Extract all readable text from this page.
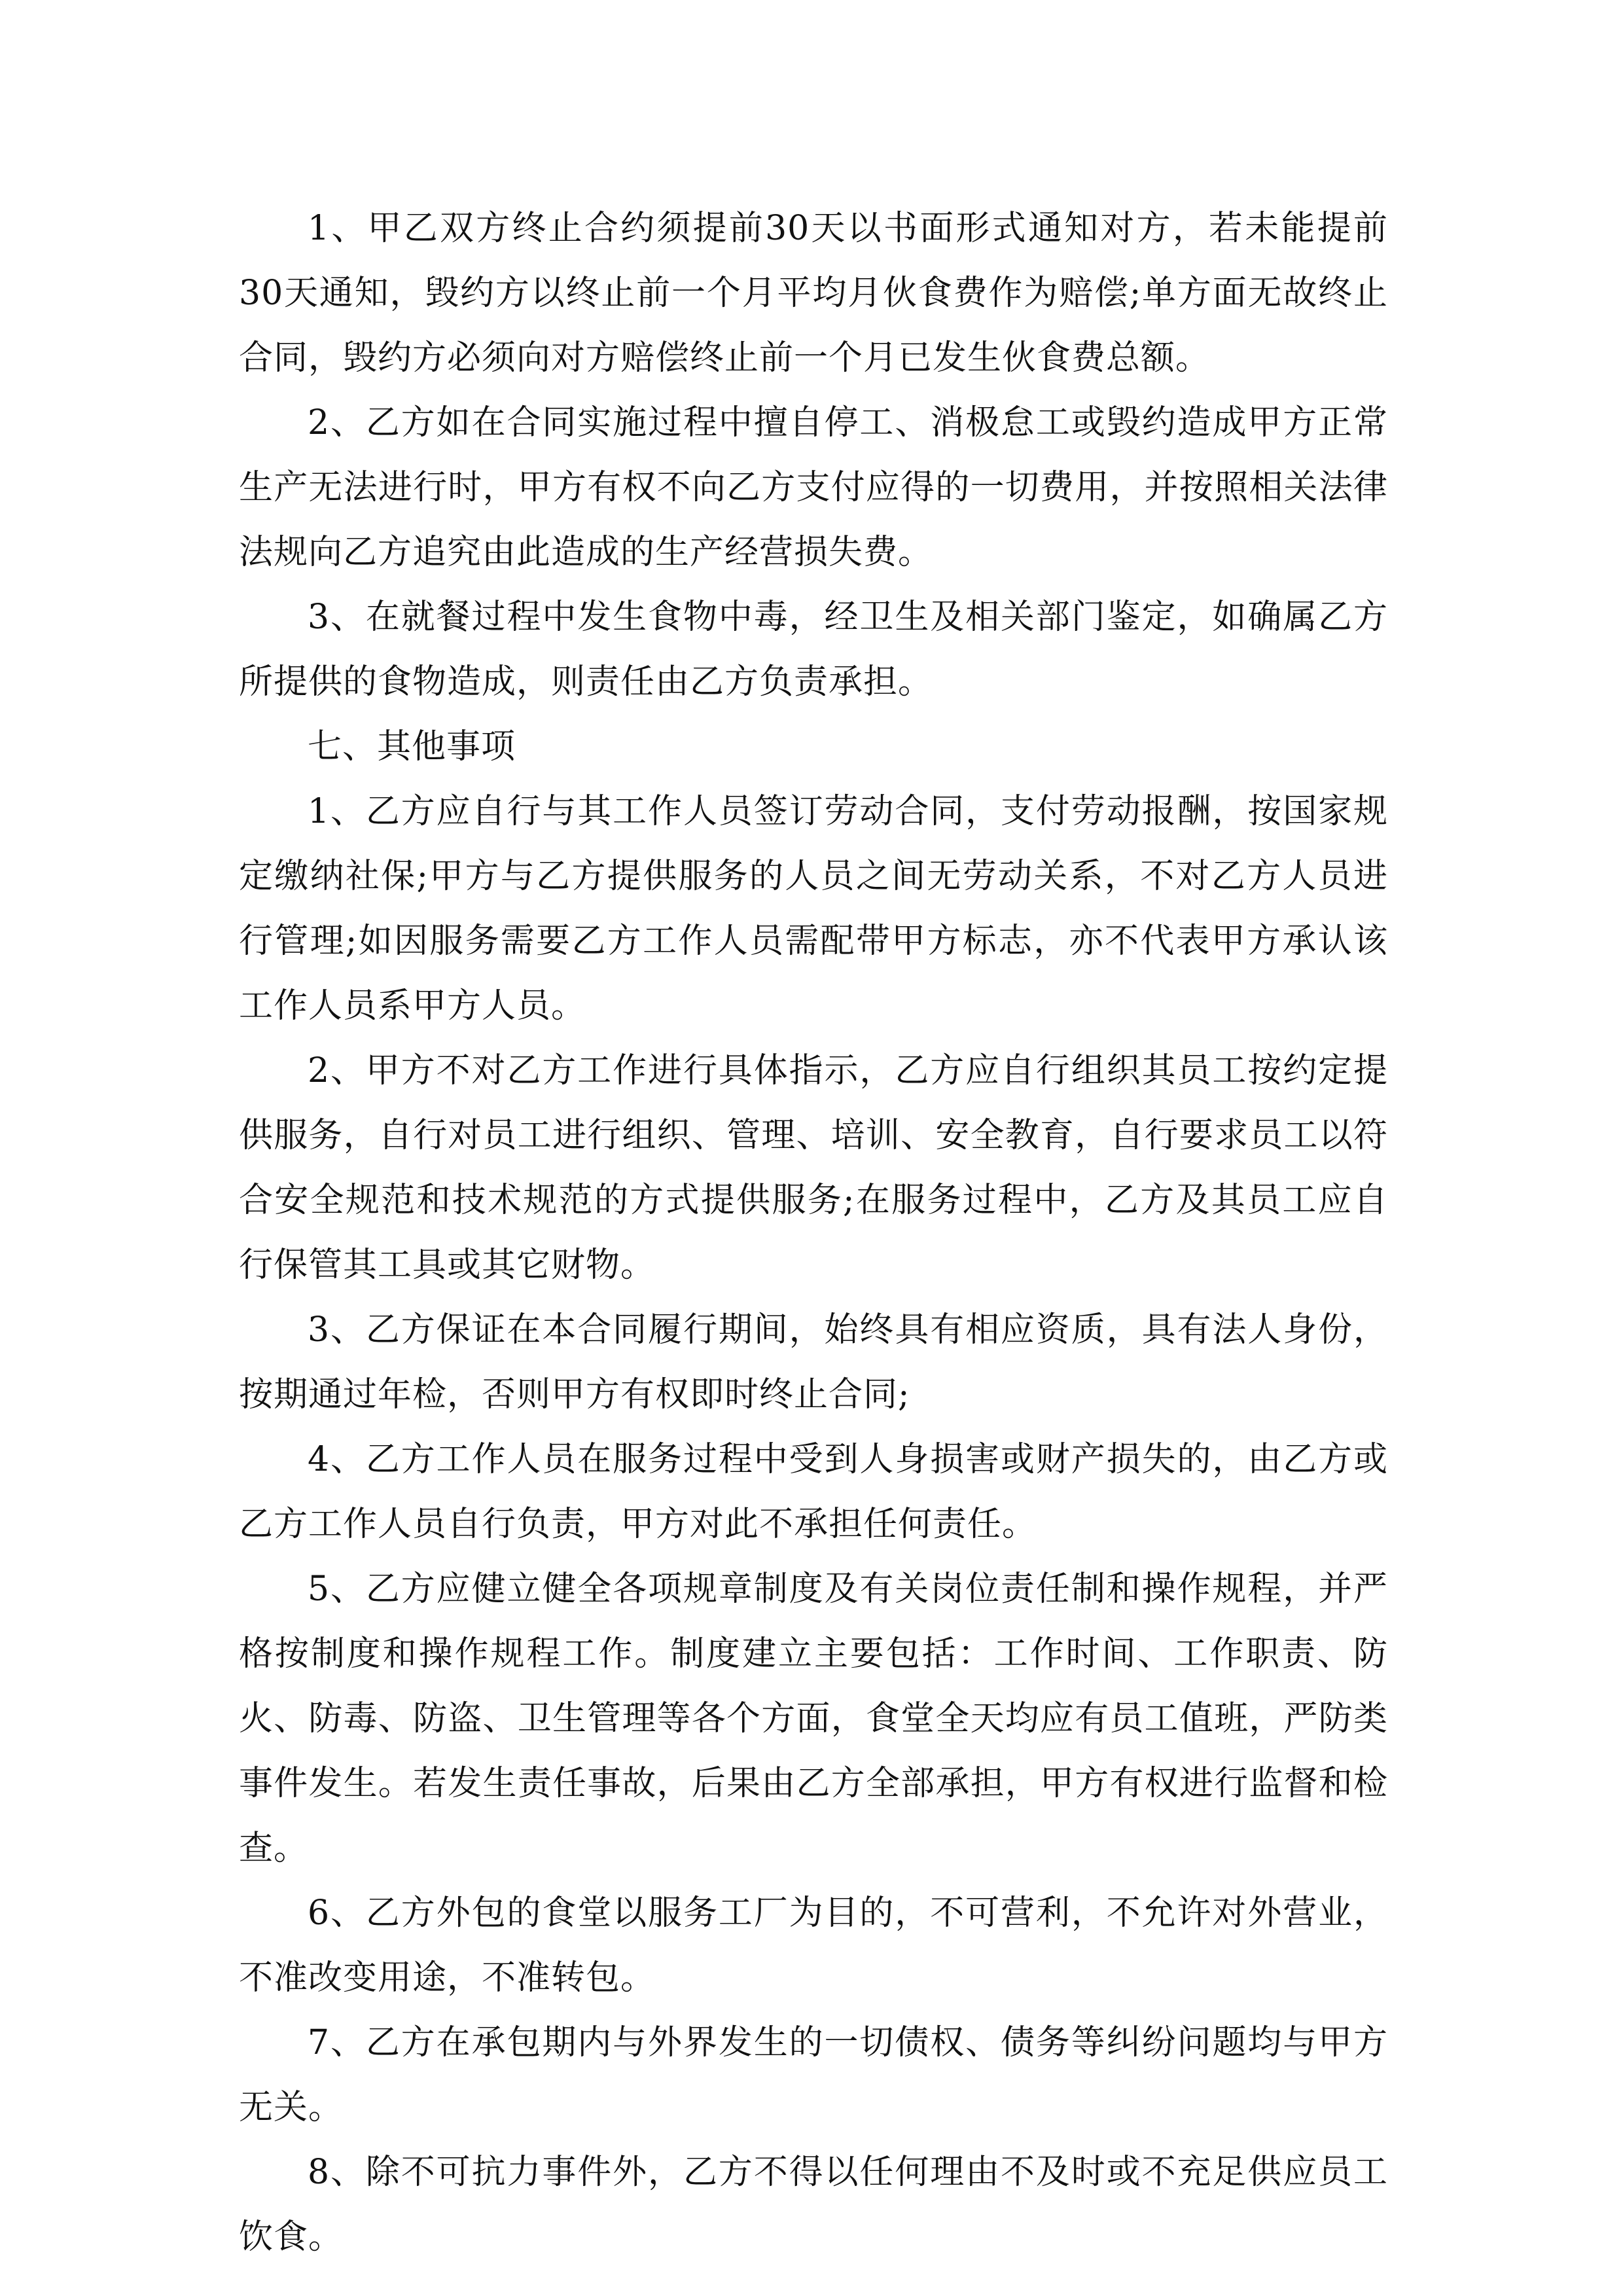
1、甲乙双方终止合约须提前30天以书面形式通知对方，若未能提前30天通知，毁约方以终止前一个月平均月伙食费作为赔偿;单方面无故终止合同，毁约方必须向对方赔偿终止前一个月已发生伙食费总额。

2、乙方如在合同实施过程中擅自停工、消极怠工或毁约造成甲方正常生产无法进行时，甲方有权不向乙方支付应得的一切费用，并按照相关法律法规向乙方追究由此造成的生产经营损失费。

3、在就餐过程中发生食物中毒，经卫生及相关部门鉴定，如确属乙方所提供的食物造成，则责任由乙方负责承担。

七、其他事项

1、乙方应自行与其工作人员签订劳动合同，支付劳动报酬，按国家规定缴纳社保;甲方与乙方提供服务的人员之间无劳动关系，不对乙方人员进行管理;如因服务需要乙方工作人员需配带甲方标志，亦不代表甲方承认该工作人员系甲方人员。

2、甲方不对乙方工作进行具体指示，乙方应自行组织其员工按约定提供服务，自行对员工进行组织、管理、培训、安全教育，自行要求员工以符合安全规范和技术规范的方式提供服务;在服务过程中，乙方及其员工应自行保管其工具或其它财物。

3、乙方保证在本合同履行期间，始终具有相应资质，具有法人身份，按期通过年检，否则甲方有权即时终止合同;

4、乙方工作人员在服务过程中受到人身损害或财产损失的，由乙方或乙方工作人员自行负责，甲方对此不承担任何责任。

5、乙方应健立健全各项规章制度及有关岗位责任制和操作规程，并严格按制度和操作规程工作。制度建立主要包括：工作时间、工作职责、防火、防毒、防盗、卫生管理等各个方面，食堂全天均应有员工值班，严防类事件发生。若发生责任事故，后果由乙方全部承担，甲方有权进行监督和检查。

6、乙方外包的食堂以服务工厂为目的，不可营利，不允许对外营业，不准改变用途，不准转包。

7、乙方在承包期内与外界发生的一切债权、债务等纠纷问题均与甲方无关。

8、除不可抗力事件外，乙方不得以任何理由不及时或不充足供应员工饮食。
